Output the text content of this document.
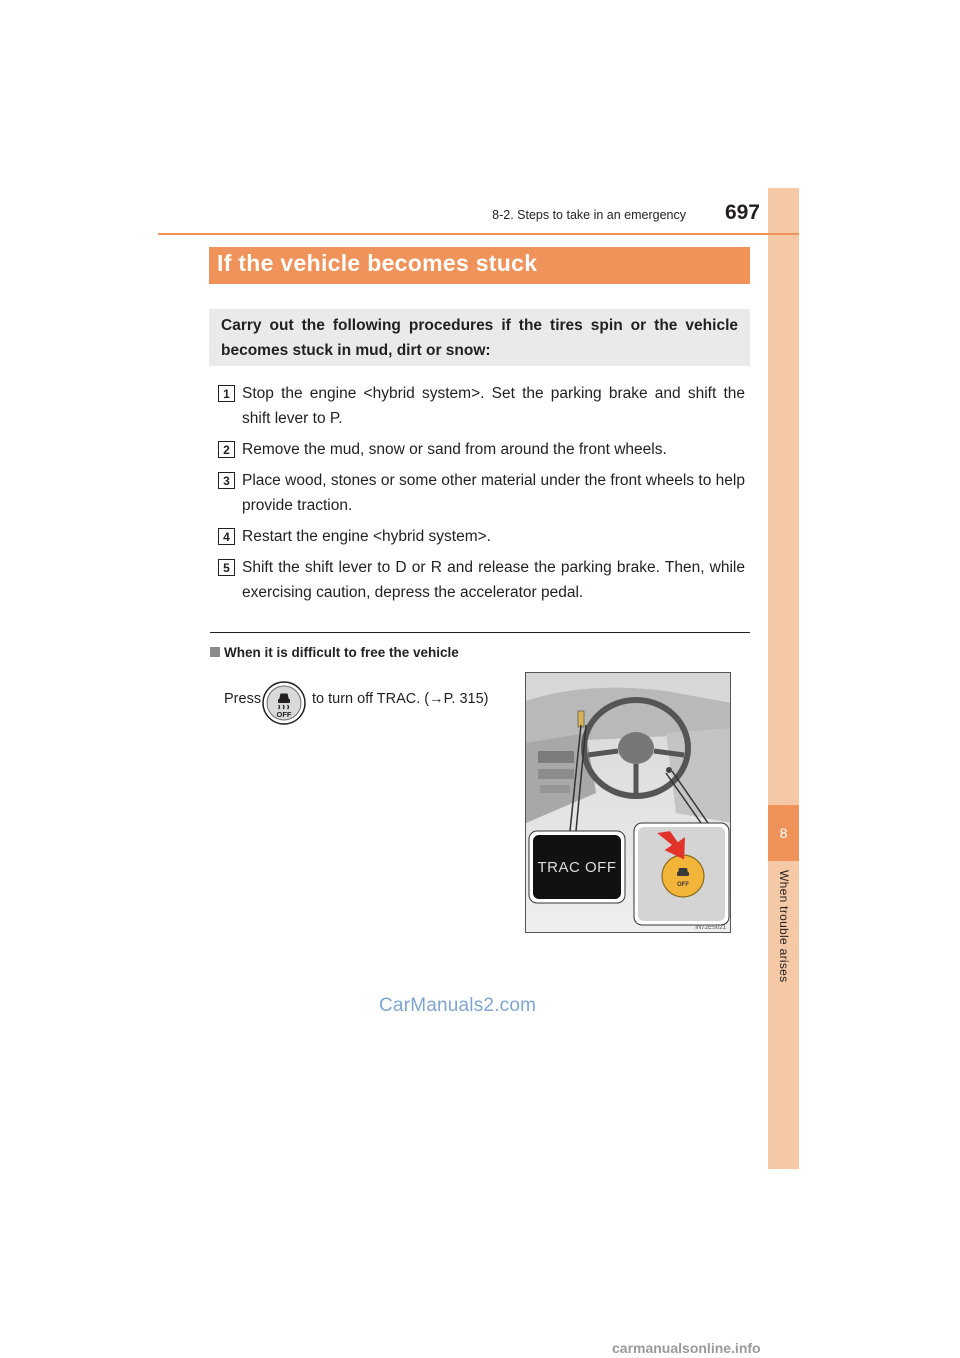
8
When trouble arises
8-2. Steps to take in an emergency	697
If the vehicle becomes stuck

Carry out the following procedures if the tires spin or the vehicle becomes stuck in mud, dirt or snow:

1 Stop the engine <hybrid system>. Set the parking brake and shift the shift lever to P.
2 Remove the mud, snow or sand from around the front wheels.
3 Place wood, stones or some other material under the front wheels to help provide traction.
4 Restart the engine <hybrid system>.
5 Shift the shift lever to D or R and release the parking brake. Then, while exercising caution, depress the accelerator pedal.
When it is difficult to free the vehicle
Press
OFF
to turn off TRAC. (→P. 315)
TRAC OFF
OFF
IN72ES021
CarManuals2.com
carmanualsonline.info
